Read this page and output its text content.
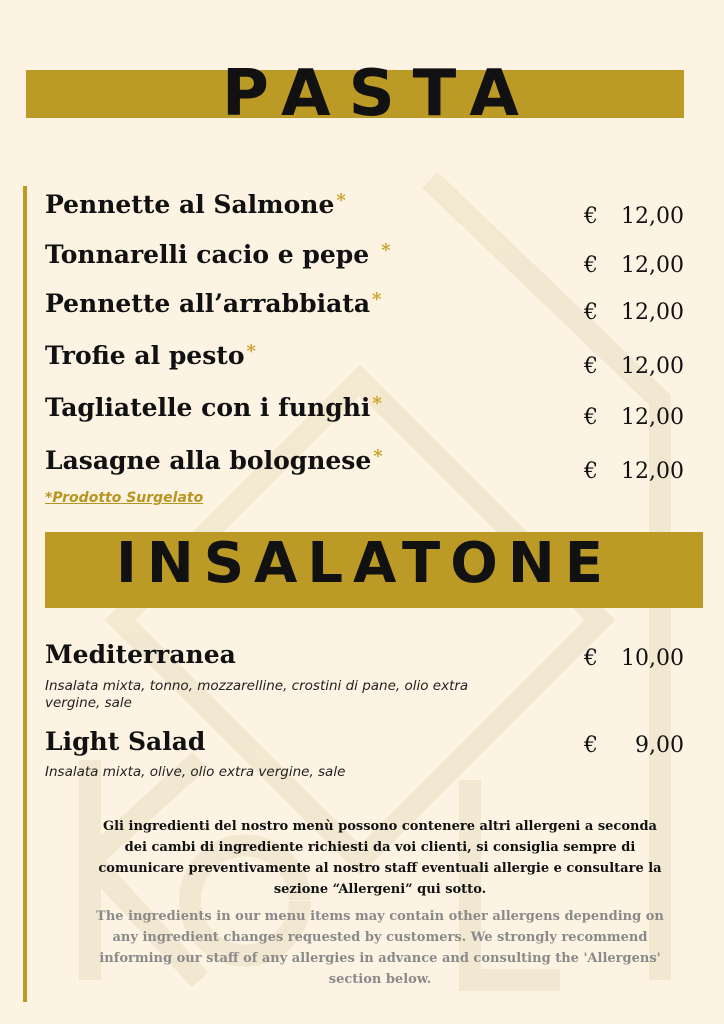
PASTA
Pennette al Salmone *
€	12,00
Tonnarelli cacio e pepe *
€	12,00
Pennette all’arrabbiata *
€	12,00
Trofie al pesto *
€	12,00
Tagliatelle con i funghi *
€	12,00
Lasagne alla bolognese *
€	12,00
*Prodotto Surgelato
INSALATONE
Mediterranea	€	10,00
Insalata mixta, tonno, mozzarelline, crostini di pane, olio extra vergine, sale
Light Salad	€	9,00
Insalata mixta, olive, olio extra vergine, sale
Gli ingredienti del nostro menù possono contenere altri allergeni a seconda dei cambi di ingrediente richiesti da voi clienti, si consiglia sempre di comunicare preventivamente al nostro staff eventuali allergie e consultare la sezione “Allergeni” qui sotto.
The ingredients in our menu items may contain other allergens depending on any ingredient changes requested by customers. We strongly recommend informing our staff of any allergies in advance and consulting the 'Allergens' section below.
